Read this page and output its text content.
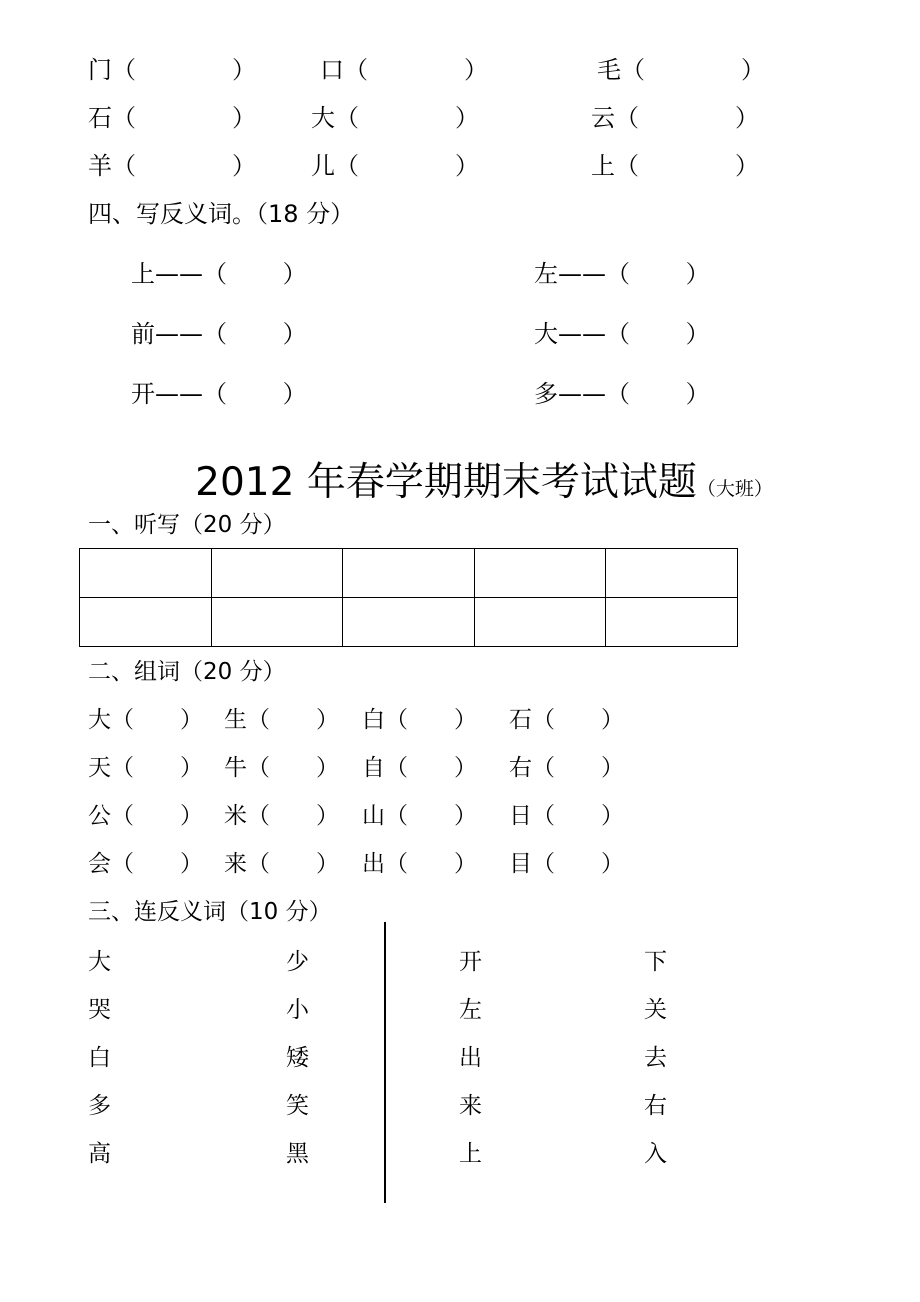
门（　　　　）	口（　　　　）	毛（　　　　）
石（　　　　） 大（　　　　）	云（　　　　）
羊（　　　　） 儿（　　　　）	上（　　　　）
四、写反义词。（18 分）
上——（　　 ）	左——（　　 ）
前——（　　 ）	大——（　　 ）
开——（　　 ）	多——（　　 ）

2012 年春学期期末考试试题（大班）

一、听写（20 分）

二、组词（20 分）
大（　　） 生（　　） 白（　　） 石（　　）
天（　　） 牛（　　） 自（　　） 右（　　）
公（　　） 米（　　） 山（　　） 日（　　）
会（　　） 来（　　） 出（　　） 目（　　）
三、连反义词（10 分）
大	少	开	下
哭	小	左	关
白	矮	出	去
多	笑	来	右
高	黑	上	入
